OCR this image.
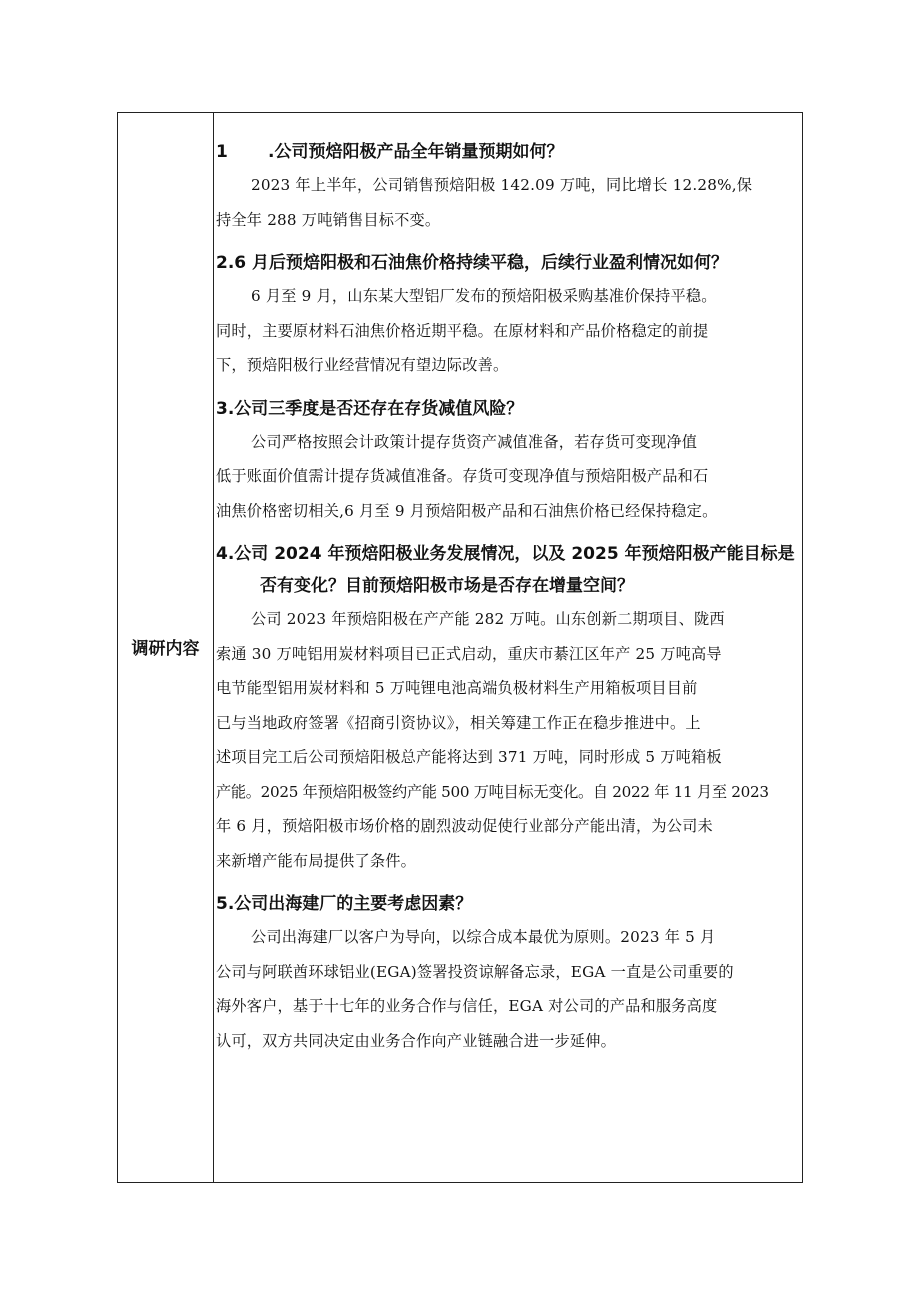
调研内容

1 .公司预焙阳极产品全年销量预期如何？

2023 年上半年，公司销售预焙阳极 142.09 万吨，同比增长 12.28%,保
持全年 288 万吨销售目标不变。

2.6 月后预焙阳极和石油焦价格持续平稳，后续行业盈利情况如何？

6 月至 9 月，山东某大型铝厂发布的预焙阳极采购基准价保持平稳。
同时，主要原材料石油焦价格近期平稳。在原材料和产品价格稳定的前提
下，预焙阳极行业经营情况有望边际改善。

3.公司三季度是否还存在存货减值风险？

公司严格按照会计政策计提存货资产减值准备，若存货可变现净值
低于账面价值需计提存货减值准备。存货可变现净值与预焙阳极产品和石
油焦价格密切相关,6 月至 9 月预焙阳极产品和石油焦价格已经保持稳定。

4.公司 2024 年预焙阳极业务发展情况，以及 2025 年预焙阳极产能目标是

否有变化？目前预焙阳极市场是否存在增量空间？

公司 2023 年预焙阳极在产产能 282 万吨。山东创新二期项目、陇西
索通 30 万吨铝用炭材料项目已正式启动，重庆市綦江区年产 25 万吨高导
电节能型铝用炭材料和 5 万吨锂电池高端负极材料生产用箱板项目目前
已与当地政府签署《招商引资协议》，相关筹建工作正在稳步推进中。上
述项目完工后公司预焙阳极总产能将达到 371 万吨，同时形成 5 万吨箱板
产能。2025 年预焙阳极签约产能 500 万吨目标无变化。自 2022 年 11 月至 2023
年 6 月，预焙阳极市场价格的剧烈波动促使行业部分产能出清，为公司未
来新增产能布局提供了条件。

5.公司出海建厂的主要考虑因素？

公司出海建厂以客户为导向，以综合成本最优为原则。2023 年 5 月
公司与阿联酋环球铝业(EGA)签署投资谅解备忘录，EGA 一直是公司重要的
海外客户，基于十七年的业务合作与信任，EGA 对公司的产品和服务高度
认可，双方共同决定由业务合作向产业链融合进一步延伸。
